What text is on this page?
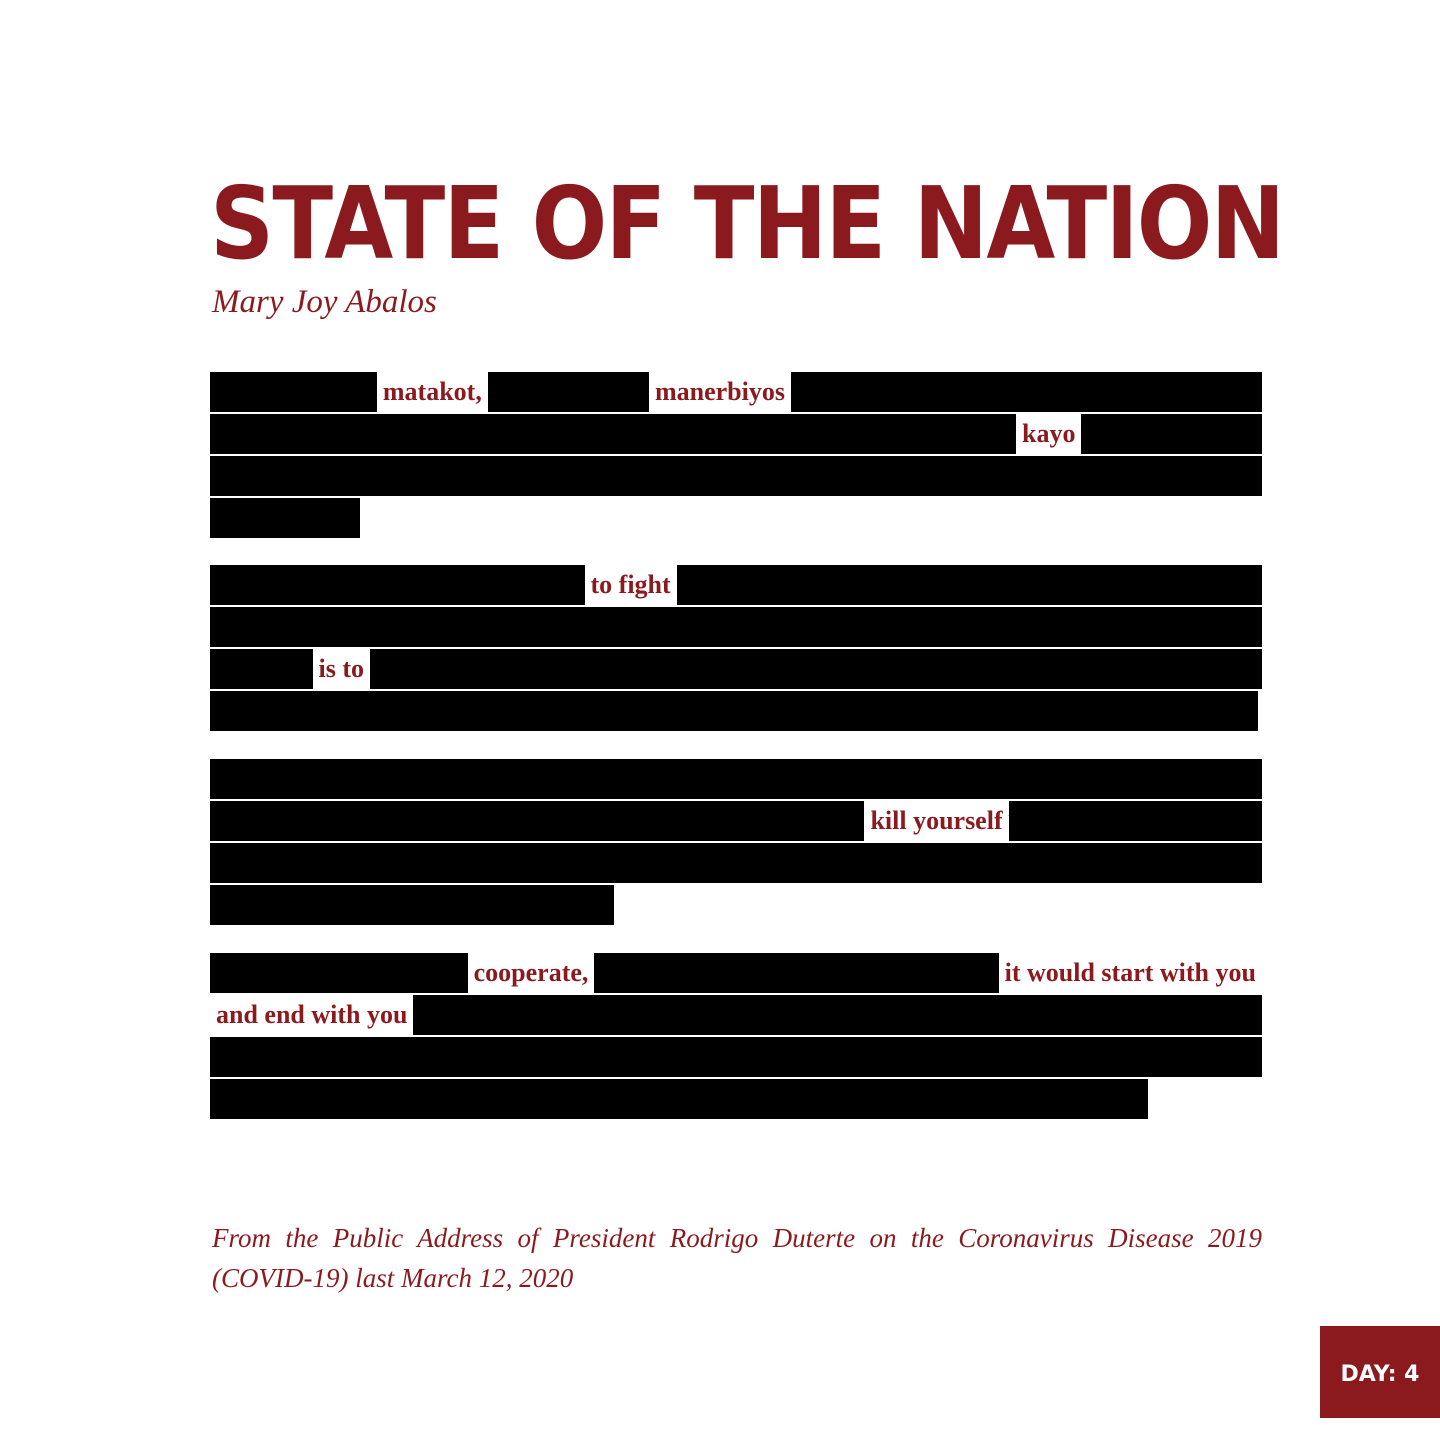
STATE OF THE NATION
Mary Joy Abalos
Huwag kayong matakot, huwag kayong manerbiyos pero wala pang sabi ko mga an-
tidote nito. It would only come in a form of a vaccine. Kagaya ng kagatin kayo
It’s a form of germs i-mutate lang to fight , to warn our bodies, magbigay ng signal sa
katawan natin na merong mga germs na pumapasok sa katawan mo, and the only way
to fight it is to ‘yung mga sundalo na ang tawag nila antibodies, ‘yung pang-away mo sa
mga madudumi, mga kagaw, germs, sila ‘yung ma-alert at sila ‘yung papatay ng virus.
But until now, wala pa ho ‘yan. So, nandiyan na ‘yan. It’s a serious one. It is true. Hu-
wag ninyong maliitin. Do not minimize it, I said, but do not kill yourself with worry
because government is doing everything possible to make it at least controllable, but
kung kayo po ay mag-cooperate.
‘Pag hindi kayo nag- cooperate, ah the problem would start and it would start with you
and end with you pagka ganun. So ‘yung mga sinasabi na social distancing, sundin lang
po ninyo. At ‘yung mga ibinibigay na well ahead ng Department of Health, sundin ho
ninyo kung anong sinasabi ng mga doktor kasi sila po ang marunong niyan.
From the Public Address of President Rodrigo Duterte on the Coronavirus Disease 2019 (COVID-19) last March 12, 2020
DAY: 4
